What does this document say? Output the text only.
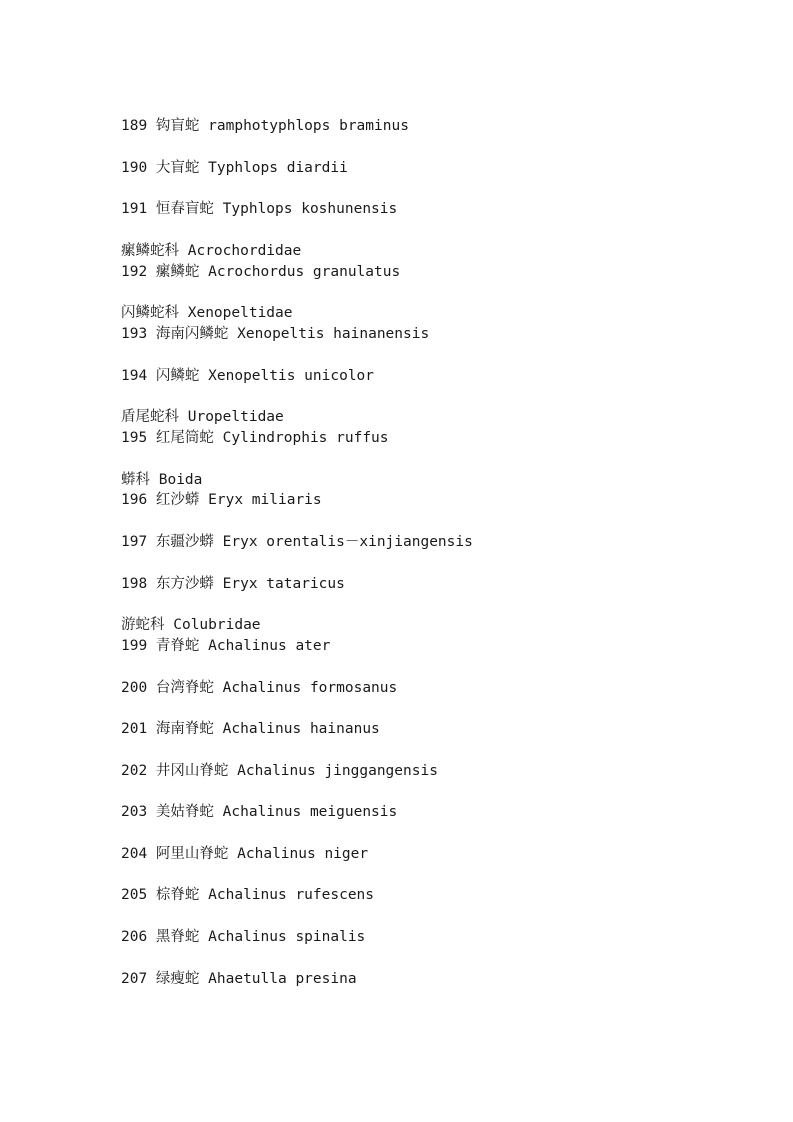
189 钩盲蛇 ramphotyphlops braminus
190 大盲蛇 Typhlops diardii
191 恒春盲蛇 Typhlops koshunensis
瘰鳞蛇科 Acrochordidae
192 瘰鳞蛇 Acrochordus granulatus
闪鳞蛇科 Xenopeltidae
193 海南闪鳞蛇 Xenopeltis hainanensis
194 闪鳞蛇 Xenopeltis unicolor
盾尾蛇科 Uropeltidae
195 红尾筒蛇 Cylindrophis ruffus
蟒科 Boida
196 红沙蟒 Eryx miliaris
197 东疆沙蟒 Eryx orentalis－xinjiangensis
198 东方沙蟒 Eryx tataricus
游蛇科 Colubridae
199 青脊蛇 Achalinus ater
200 台湾脊蛇 Achalinus formosanus
201 海南脊蛇 Achalinus hainanus
202 井冈山脊蛇 Achalinus jinggangensis
203 美姑脊蛇 Achalinus meiguensis
204 阿里山脊蛇 Achalinus niger
205 棕脊蛇 Achalinus rufescens
206 黑脊蛇 Achalinus spinalis
207 绿瘦蛇 Ahaetulla presina
